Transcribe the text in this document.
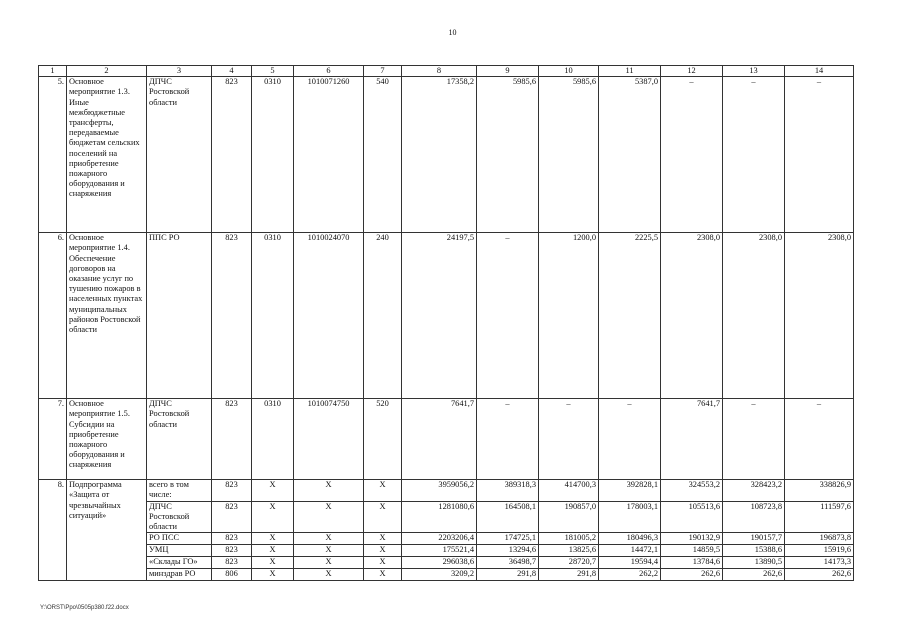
10
1	2	3	4	5	6	7	8	9	10	11	12	13	14
5.	Основное мероприятие 1.3. Иные межбюджетные трансферты, передаваемые бюджетам сельских поселений на приобретение пожарного оборудования и снаряжения	ДПЧС Ростовской области	823	0310	1010071260	540	17358,2	5985,6	5985,6	5387,0	–	–	–
6.	Основное мероприятие 1.4. Обеспечение договоров на оказание услуг по тушению пожаров в населенных пунктах муниципальных районов Ростовской области	ППС РО	823	0310	1010024070	240	24197,5	–	1200,0	2225,5	2308,0	2308,0	2308,0
7.	Основное мероприятие 1.5. Субсидии на приобретение пожарного оборудования и снаряжения	ДПЧС Ростовской области	823	0310	1010074750	520	7641,7	–	–	–	7641,7	–	–
8.	Подпрограмма «Защита от чрезвычайных ситуаций»	всего в том числе:	823	Х	Х	Х	3959056,2	389318,3	414700,3	392828,1	324553,2	328423,2	338826,9
		ДПЧС Ростовской области	823	Х	Х	Х	1281080,6	164508,1	190857,0	178003,1	105513,6	108723,8	111597,6
		РО ПСС	823	Х	Х	Х	2203206,4	174725,1	181005,2	180496,3	190132,9	190157,7	196873,8
		УМЦ	823	Х	Х	Х	175521,4	13294,6	13825,6	14472,1	14859,5	15388,6	15919,6
		«Склады ГО»	823	Х	Х	Х	296038,6	36498,7	28720,7	19594,4	13784,6	13890,5	14173,3
		минздрав РО	806	Х	Х	Х	3209,2	291,8	291,8	262,2	262,6	262,6	262,6
Y:\ORST\Ppo\0505p380.f22.docx
